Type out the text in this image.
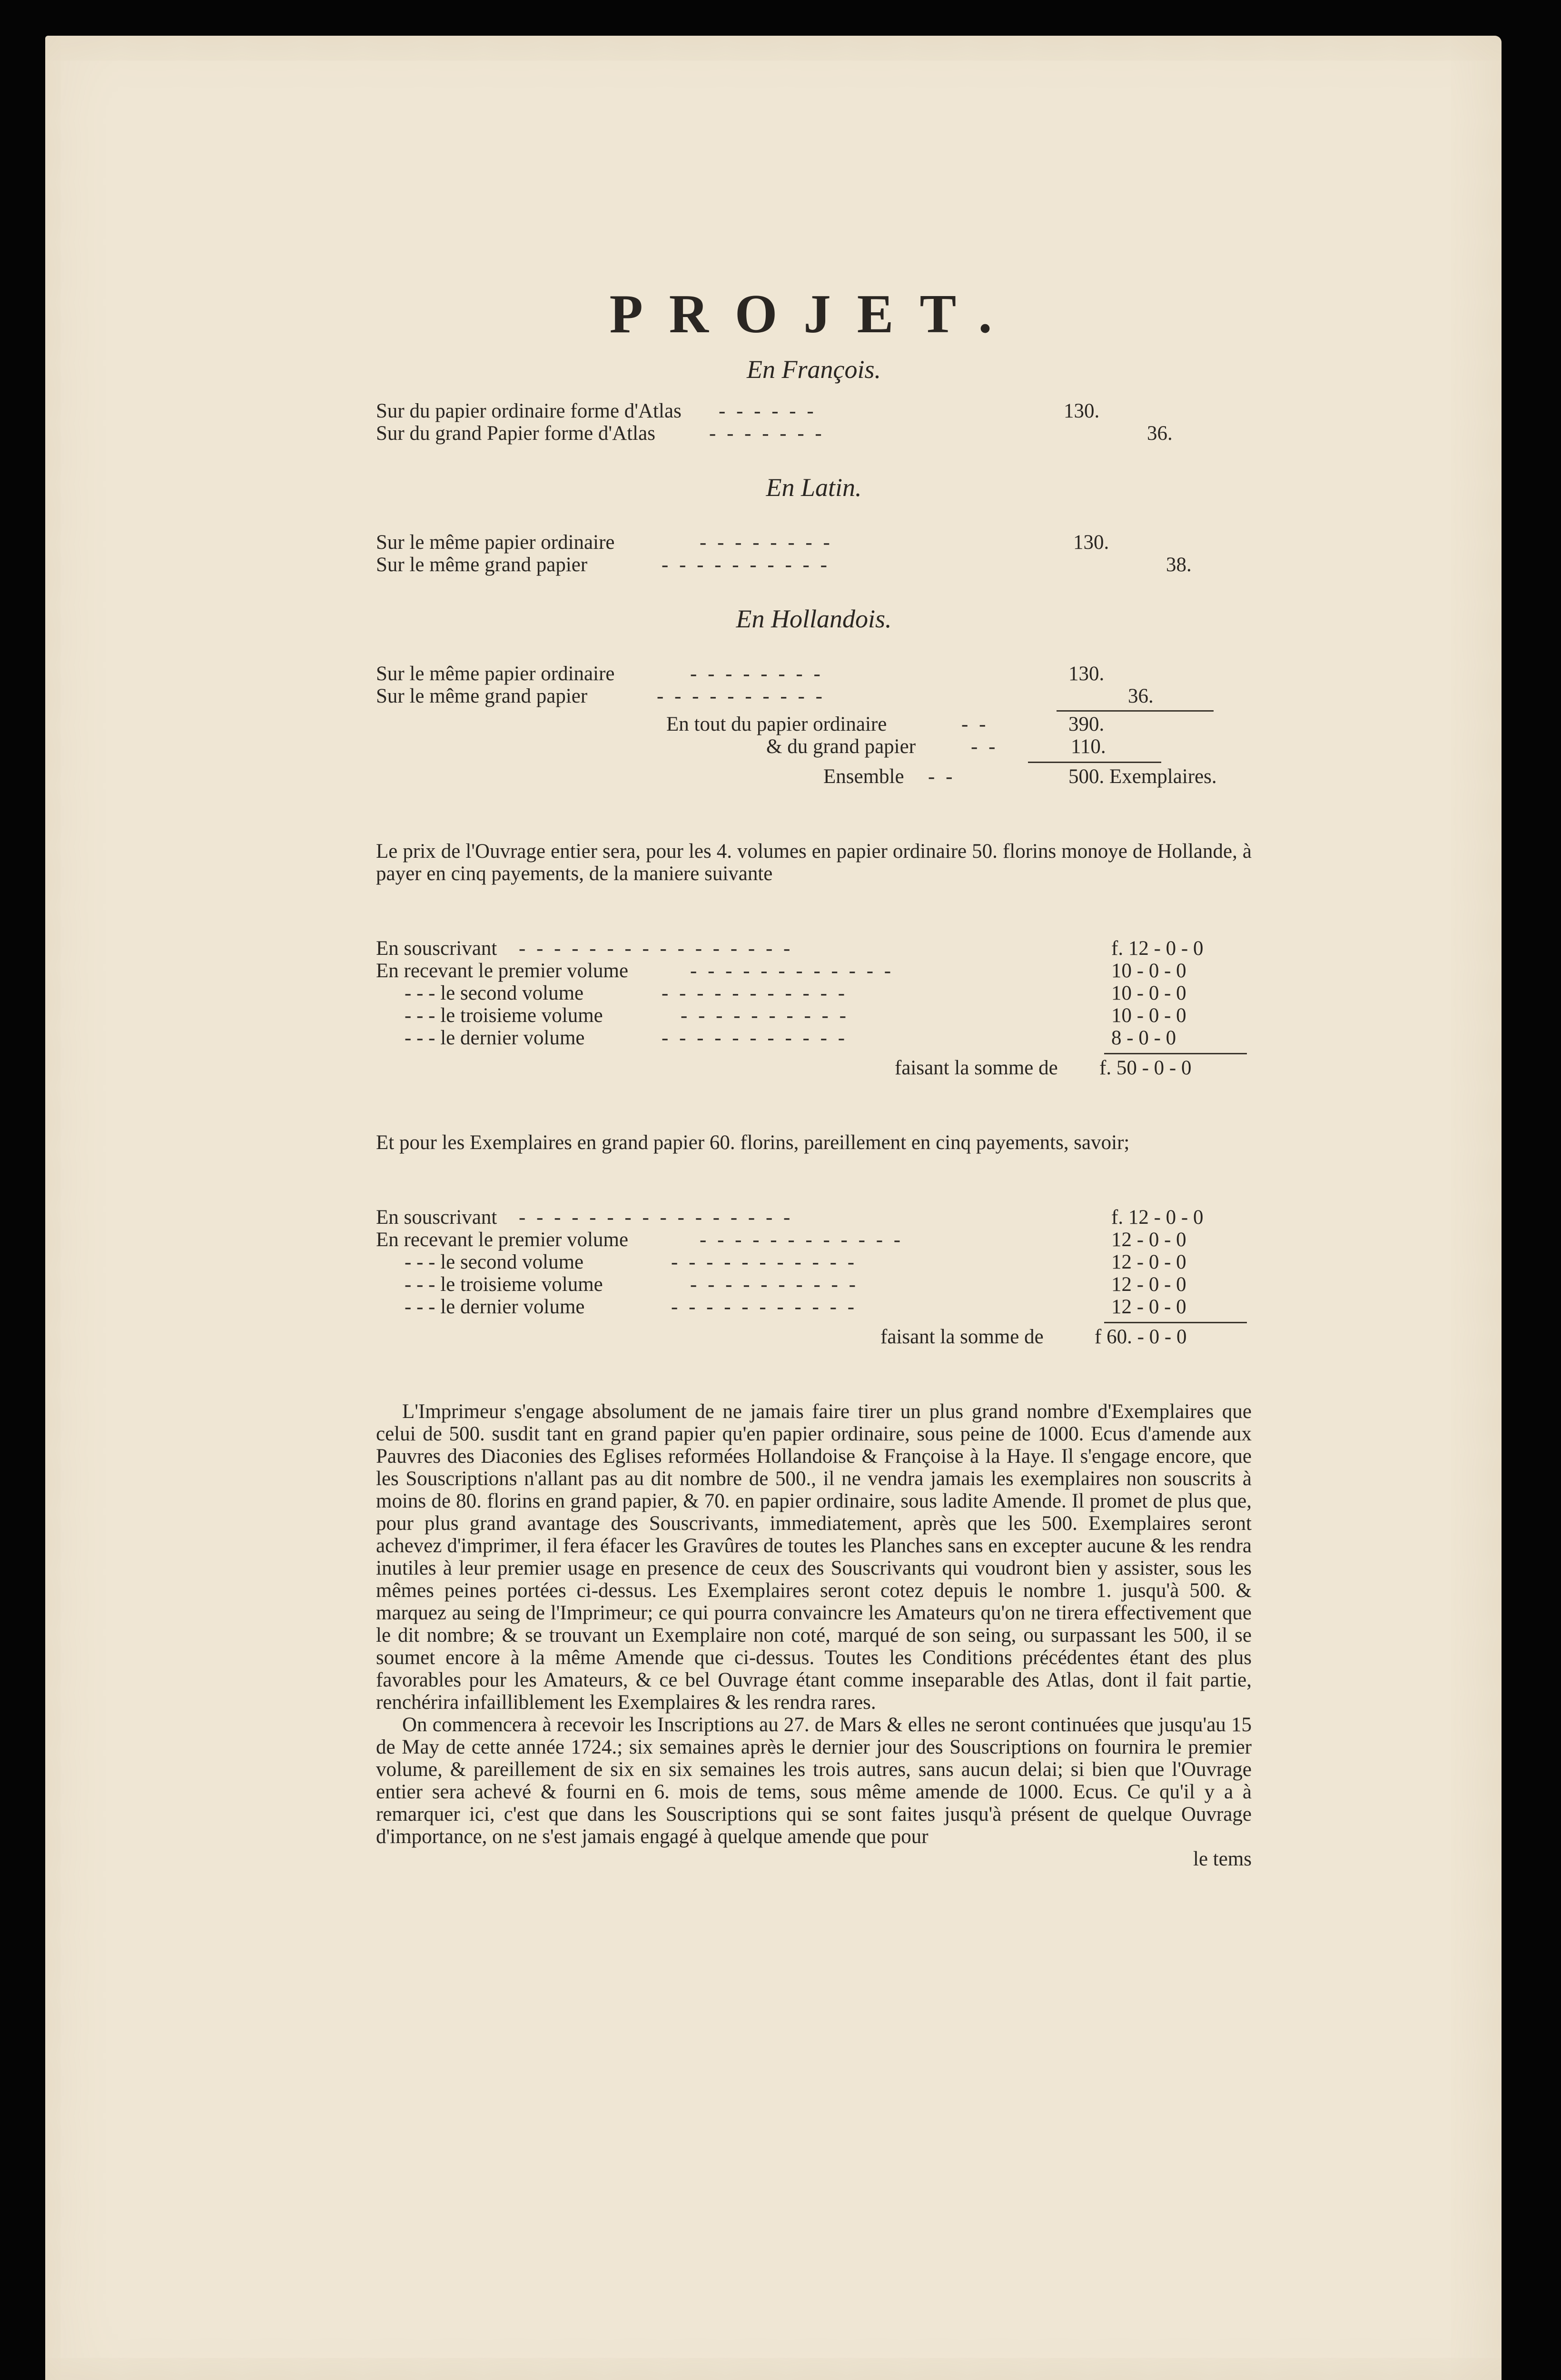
PROJET.
En François.
Sur du papier ordinaire forme d'Atlas - - - - - -	130.
Sur du grand Papier forme d'Atlas	- - - - - - -	36.
En Latin.
Sur le même papier ordinaire	- - - - - - - -	130.
Sur le même grand papier	- - - - - - - - - -	38.
En Hollandois.
Sur le même papier ordinaire	- - - - - - - -	130.
Sur le même grand papier	- - - - - - - - - -	36.
En tout du papier ordinaire	- -	390.
& du grand papier	- -	110.
Ensemble - -	500. Exemplaires.

Le prix de l'Ouvrage entier sera, pour les 4. volumes en papier ordinaire 50. florins monoye de Hollande, à payer en cinq payements, de la maniere suivante

En souscrivant - - - - - - - - - - - - - - - -	f. 12 - 0 - 0
En recevant le premier volume	- - - - - - - - - - - -	10 - 0 - 0
- - - le second volume	- - - - - - - - - - -	10 - 0 - 0
- - - le troisieme volume	- - - - - - - - - -	10 - 0 - 0
- - - le dernier volume	- - - - - - - - - - -	8 - 0 - 0
faisant la somme de f. 50 - 0 - 0

Et pour les Exemplaires en grand papier 60. florins, pareillement en cinq payements, savoir;

En souscrivant - - - - - - - - - - - - - - - -	f. 12 - 0 - 0
En recevant le premier volume	- - - - - - - - - - - -	12 - 0 - 0
- - - le second volume	- - - - - - - - - - -	12 - 0 - 0
- - - le troisieme volume	- - - - - - - - - -	12 - 0 - 0
- - - le dernier volume	- - - - - - - - - - -	12 - 0 - 0
faisant la somme de f 60. - 0 - 0

L'Imprimeur s'engage absolument de ne jamais faire tirer un plus grand nombre d'Exemplaires que celui de 500. susdit tant en grand papier qu'en papier ordinaire, sous peine de 1000. Ecus d'amende aux Pauvres des Diaconies des Eglises reformées Hollandoise & Françoise à la Haye. Il s'engage encore, que les Souscriptions n'allant pas au dit nombre de 500., il ne vendra jamais les exemplaires non souscrits à moins de 80. florins en grand papier, & 70. en papier ordinaire, sous ladite Amende. Il promet de plus que, pour plus grand avantage des Souscrivants, immediatement, après que les 500. Exemplaires seront achevez d'imprimer, il fera éfacer les Gravûres de toutes les Planches sans en excepter aucune & les rendra inutiles à leur premier usage en presence de ceux des Souscrivants qui voudront bien y assister, sous les mêmes peines portées ci-dessus. Les Exemplaires seront cotez depuis le nombre 1. jusqu'à 500. & marquez au seing de l'Imprimeur; ce qui pourra convaincre les Amateurs qu'on ne tirera effectivement que le dit nombre; & se trouvant un Exemplaire non coté, marqué de son seing, ou surpassant les 500, il se soumet encore à la même Amende que ci-dessus. Toutes les Conditions précédentes étant des plus favorables pour les Amateurs, & ce bel Ouvrage étant comme inseparable des Atlas, dont il fait partie, renchérira infailliblement les Exemplaires & les rendra rares.

On commencera à recevoir les Inscriptions au 27. de Mars & elles ne seront continuées que jusqu'au 15 de May de cette année 1724.; six semaines après le dernier jour des Souscriptions on fournira le premier volume, & pareillement de six en six semaines les trois autres, sans aucun delai; si bien que l'Ouvrage entier sera achevé & fourni en 6. mois de tems, sous même amende de 1000. Ecus. Ce qu'il y a à remarquer ici, c'est que dans les Souscriptions qui se sont faites jusqu'à présent de quelque Ouvrage d'importance, on ne s'est jamais engagé à quelque amende que pour

le tems
